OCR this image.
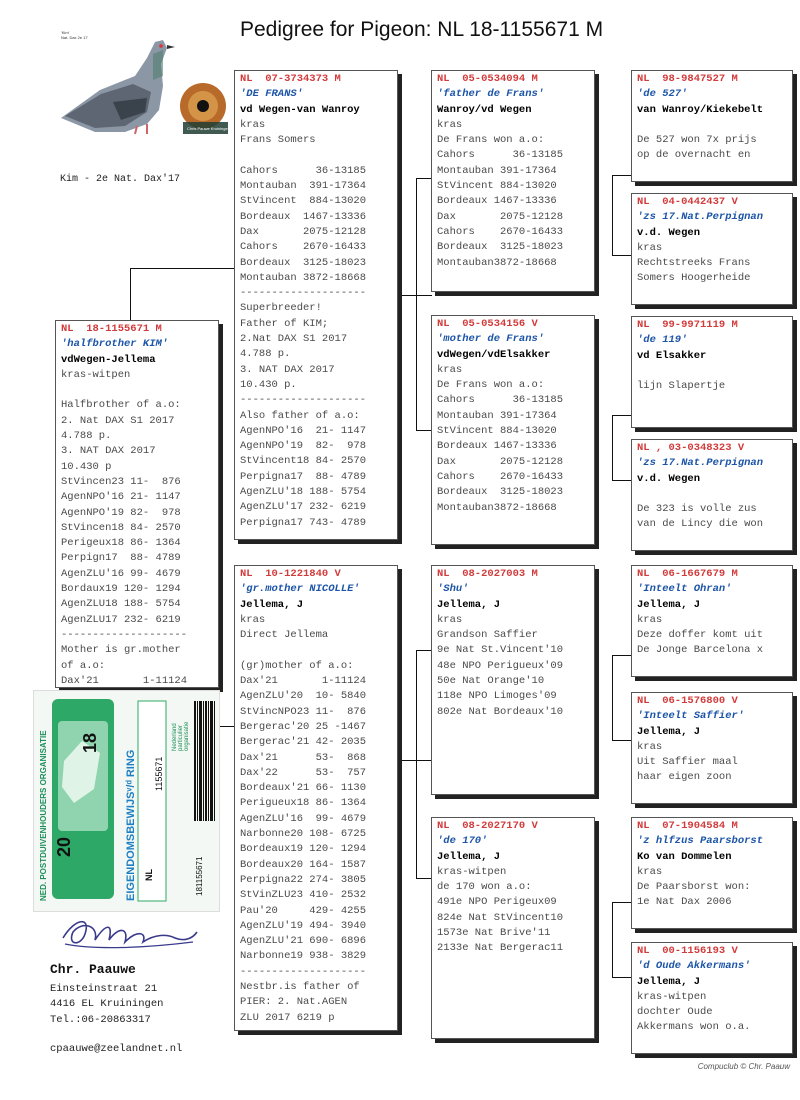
Pedigree for Pigeon: NL 18-1155671 M
'Kim'
Nat. Dax 2e 17
Chris Pauwe Kruiningen
Kim - 2e Nat. Dax'17
NL  18-1155671 M
'halfbrother KIM'
vdWegen-Jellema
kras-witpen
Halfbrother of a.o:
2. Nat DAX S1 2017
4.788 p.
3. NAT DAX 2017
10.430 p
StVincen23 11-  876
AgenNPO'16 21- 1147
AgenNPO'19 82-  978
StVincen18 84- 2570
Perigeux18 86- 1364
Perpign17  88- 4789
AgenZLU'16 99- 4679
Bordaux19 120- 1294
AgenZLU18 188- 5754
AgenZLU17 232- 6219
--------------------
Mother is gr.mother
of a.o:
Dax'21       1-11124
NL  07-3734373 M
'DE FRANS'
vd Wegen-van Wanroy
kras
Frans Somers
Cahors      36-13185
Montauban  391-17364
StVincent  884-13020
Bordeaux  1467-13336
Dax       2075-12128
Cahors    2670-16433
Bordeaux  3125-18023
Montauban 3872-18668
--------------------
Superbreeder!
Father of KIM;
2.Nat DAX S1 2017
4.788 p.
3. NAT DAX 2017
10.430 p.
--------------------
Also father of a.o:
AgenNPO'16  21- 1147
AgenNPO'19  82-  978
StVincent18 84- 2570
Perpigna17  88- 4789
AgenZLU'18 188- 5754
AgenZLU'17 232- 6219
Perpigna17 743- 4789
NL  10-1221840 V
'gr.mother NICOLLE'
Jellema, J
kras
Direct Jellema
(gr)mother of a.o:
Dax'21       1-11124
AgenZLU'20  10- 5840
StVincNPO23 11-  876
Bergerac'20 25 -1467
Bergerac'21 42- 2035
Dax'21      53-  868
Dax'22      53-  757
Bordeaux'21 66- 1130
Perigueux18 86- 1364
AgenZLU'16  99- 4679
Narbonne20 108- 6725
Bordeaux19 120- 1294
Bordeaux20 164- 1587
Perpigna22 274- 3805
StVinZLU23 410- 2532
Pau'20     429- 4255
AgenZLU'19 494- 3940
AgenZLU'21 690- 6896
Narbonne19 938- 3829
--------------------
Nestbr.is father of
PIER: 2. Nat.AGEN
ZLU 2017 6219 p
NL  05-0534094 M
'father de Frans'
Wanroy/vd Wegen
kras
De Frans won a.o:
Cahors      36-13185
Montauban 391-17364
StVincent 884-13020
Bordeaux 1467-13336
Dax       2075-12128
Cahors    2670-16433
Bordeaux  3125-18023
Montauban3872-18668
NL  05-0534156 V
'mother de Frans'
vdWegen/vdElsakker
kras
De Frans won a.o:
Cahors      36-13185
Montauban 391-17364
StVincent 884-13020
Bordeaux 1467-13336
Dax       2075-12128
Cahors    2670-16433
Bordeaux  3125-18023
Montauban3872-18668
NL  08-2027003 M
'Shu'
Jellema, J
kras
Grandson Saffier
9e Nat St.Vincent'10
48e NPO Perigueux'09
50e Nat Orange'10
118e NPO Limoges'09
802e Nat Bordeaux'10
NL  08-2027170 V
'de 170'
Jellema, J
kras-witpen
de 170 won a.o:
491e NPO Perigeux09
824e Nat StVincent10
1573e Nat Brive'11
2133e Nat Bergerac11
NL  98-9847527 M
'de 527'
van Wanroy/Kiekebelt
De 527 won 7x prijs
op de overnacht en
NL  04-0442437 V
'zs 17.Nat.Perpignan
v.d. Wegen
kras
Rechtstreeks Frans
Somers Hoogerheide
NL  99-9971119 M
'de 119'
vd Elsakker
lijn Slapertje
NL , 03-0348323 V
'zs 17.Nat.Perpignan
v.d. Wegen
De 323 is volle zus
van de Lincy die won
NL  06-1667679 M
'Inteelt Ohran'
Jellema, J
kras
Deze doffer komt uit
De Jonge Barcelona x
NL  06-1576800 V
'Inteelt Saffier'
Jellema, J
kras
Uit Saffier maal
haar eigen zoon
NL  07-1904584 M
'z hlfzus Paarsborst
Ko van Dommelen
kras
De Paarsborst won:
1e Nat Dax 2006
NL  00-1156193 V
'd Oude Akkermans'
Jellema, J
kras-witpen
dochter Oude
Akkermans won o.a.
NED. POSTDUIVENHOUDERS ORGANISATIE 20
18
EIGENDOMSBEWIJSᵛ/ᵈ RING NL
1155671
Nederland particulier organisatie
181155671
Chr. Paauwe
Einsteinstraat 21
4416 EL Kruiningen
Tel.:06-20863317
cpaauwe@zeelandnet.nl
Compuclub © Chr. Paauw
